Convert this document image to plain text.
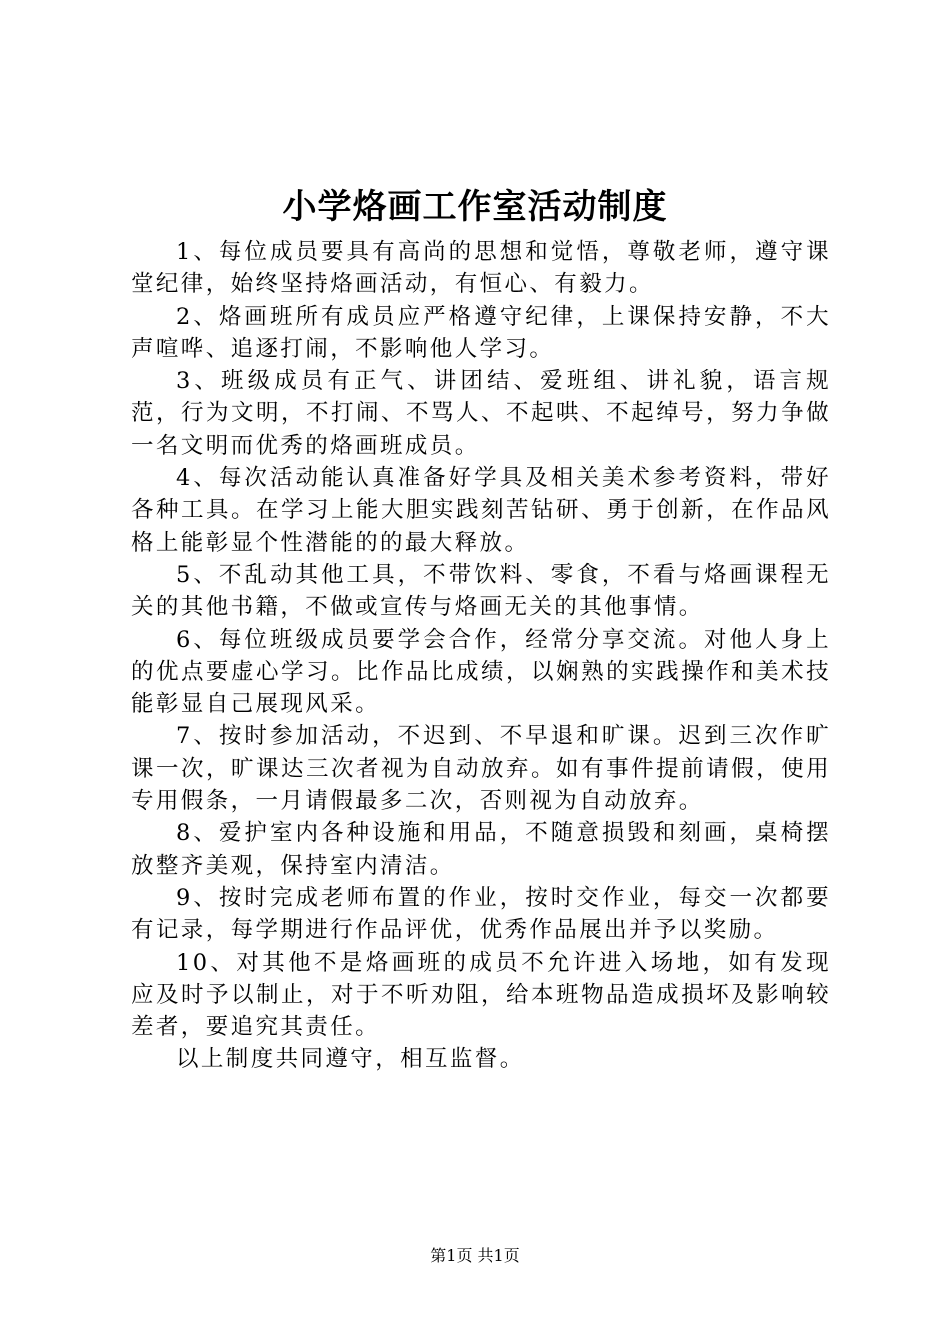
小学烙画工作室活动制度

1、每位成员要具有高尚的思想和觉悟，尊敬老师，遵守课堂纪律，始终坚持烙画活动，有恒心、有毅力。

2、烙画班所有成员应严格遵守纪律，上课保持安静，不大声喧哗、追逐打闹，不影响他人学习。

3、班级成员有正气、讲团结、爱班组、讲礼貌，语言规范，行为文明，不打闹、不骂人、不起哄、不起绰号，努力争做一名文明而优秀的烙画班成员。

4、每次活动能认真准备好学具及相关美术参考资料，带好各种工具。在学习上能大胆实践刻苦钻研、勇于创新，在作品风格上能彰显个性潜能的的最大释放。

5、不乱动其他工具，不带饮料、零食，不看与烙画课程无关的其他书籍，不做或宣传与烙画无关的其他事情。

6、每位班级成员要学会合作，经常分享交流。对他人身上的优点要虚心学习。比作品比成绩，以娴熟的实践操作和美术技能彰显自己展现风采。

7、按时参加活动，不迟到、不早退和旷课。迟到三次作旷课一次，旷课达三次者视为自动放弃。如有事件提前请假，使用专用假条，一月请假最多二次，否则视为自动放弃。

8、爱护室内各种设施和用品，不随意损毁和刻画，桌椅摆放整齐美观，保持室内清洁。

9、按时完成老师布置的作业，按时交作业，每交一次都要有记录，每学期进行作品评优，优秀作品展出并予以奖励。

10、对其他不是烙画班的成员不允许进入场地，如有发现应及时予以制止，对于不听劝阻，给本班物品造成损坏及影响较差者，要追究其责任。

以上制度共同遵守，相互监督。

第1页 共1页
